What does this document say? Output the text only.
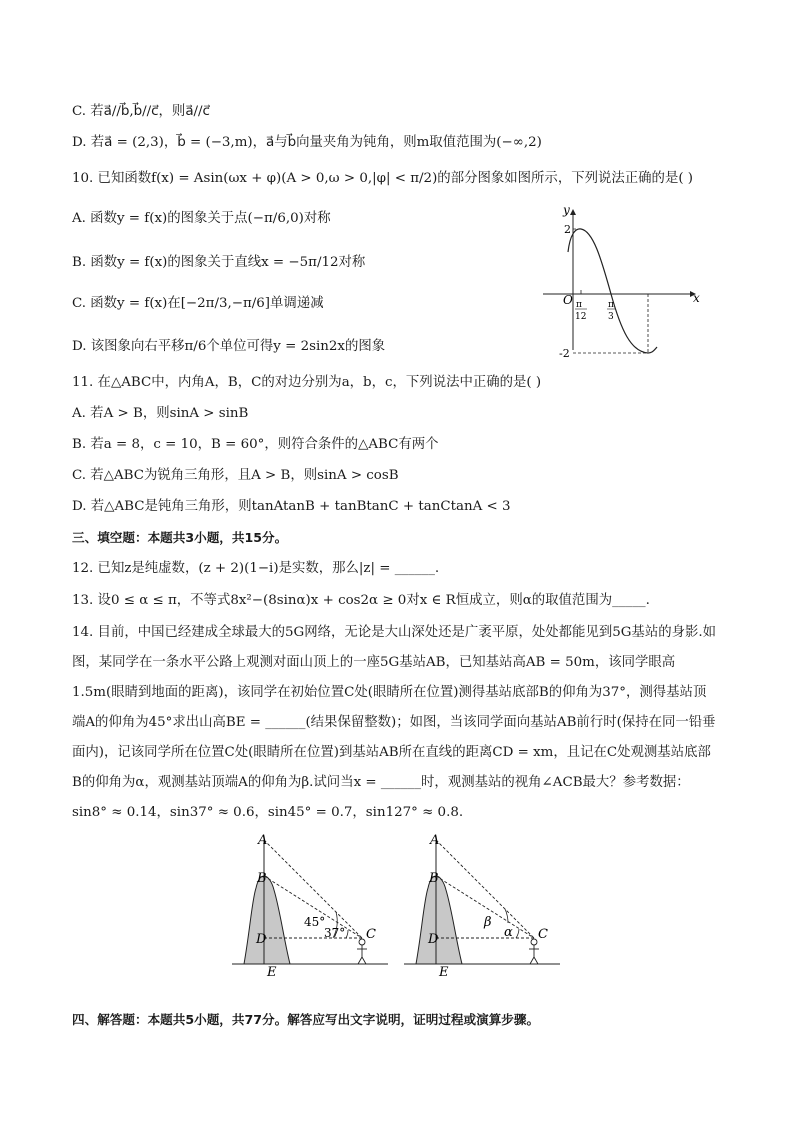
C. 若a⃗//b⃗,b⃗//c⃗，则a⃗//c⃗
D. 若a⃗ = (2,3)，b⃗ = (−3,m)，a⃗与b⃗向量夹角为钝角，则m取值范围为(−∞,2)
10. 已知函数f(x) = Asin(ωx + φ)(A > 0,ω > 0,|φ| < π/2)的部分图象如图所示，下列说法正确的是( )
A. 函数y = f(x)的图象关于点(−π/6,0)对称
B. 函数y = f(x)的图象关于直线x = −5π/12对称
C. 函数y = f(x)在[−2π/3,−π/6]单调递减
D. 该图象向右平移π/6个单位可得y = 2sin2x的图象
y
x
O
2
-2
π
12
π
3
11. 在△ABC中，内角A，B，C的对边分别为a，b，c，下列说法中正确的是( )
A. 若A > B，则sinA > sinB
B. 若a = 8，c = 10，B = 60°，则符合条件的△ABC有两个
C. 若△ABC为锐角三角形，且A > B，则sinA > cosB
D. 若△ABC是钝角三角形，则tanAtanB + tanBtanC + tanCtanA < 3
三、填空题：本题共3小题，共15分。
12. 已知z是纯虚数，(z + 2)(1−i)是实数，那么|z| = ______.
13. 设0 ≤ α ≤ π，不等式8x²−(8sinα)x + cos2α ≥ 0对x ∈ R恒成立，则α的取值范围为_____.
14. 目前，中国已经建成全球最大的5G网络，无论是大山深处还是广袤平原，处处都能见到5G基站的身影.如图，某同学在一条水平公路上观测对面山顶上的一座5G基站AB，已知基站高AB = 50m，该同学眼高1.5m(眼睛到地面的距离)，该同学在初始位置C处(眼睛所在位置)测得基站底部B的仰角为37°，测得基站顶端A的仰角为45°求出山高BE = ______(结果保留整数)；如图，当该同学面向基站AB前行时(保持在同一铅垂面内)，记该同学所在位置C处(眼睛所在位置)到基站AB所在直线的距离CD = xm，且记在C处观测基站底部B的仰角为α，观测基站顶端A的仰角为β.试问当x = ______时，观测基站的视角∠ACB最大？参考数据：sin8° ≈ 0.14，sin37° ≈ 0.6，sin45° = 0.7，sin127° ≈ 0.8.
A
B
D
E
C
45°
37°
A
B
D
E
C
β
α
四、解答题：本题共5小题，共77分。解答应写出文字说明，证明过程或演算步骤。
